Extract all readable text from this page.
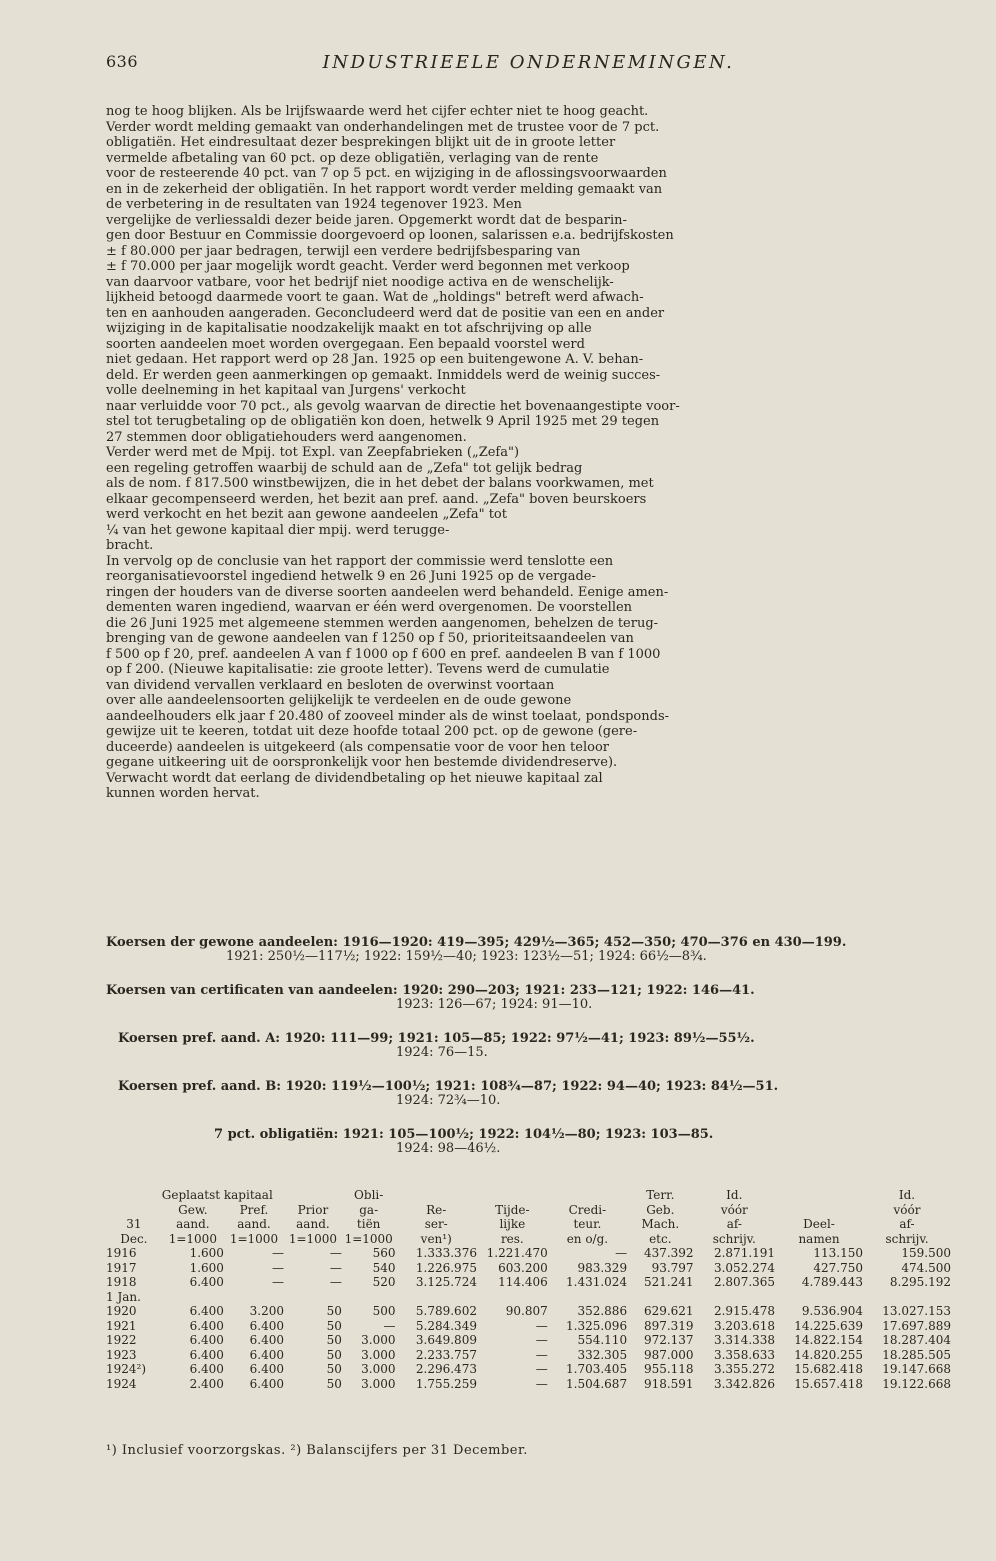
636	INDUSTRIEELE ONDERNEMINGEN.
nog te hoog blijken. Als be lrijfswaarde werd het cijfer echter niet te hoog geacht.
Verder wordt melding gemaakt van onderhandelingen met de trustee voor de 7 pct.
obligatiën. Het eindresultaat dezer besprekingen blijkt uit de in groote letter
vermelde afbetaling van 60 pct. op deze obligatiën, verlaging van de rente
voor de resteerende 40 pct. van 7 op 5 pct. en wijziging in de aflossingsvoorwaarden
en in de zekerheid der obligatiën. In het rapport wordt verder melding gemaakt van
de verbetering in de resultaten van 1924 tegenover 1923. Men
vergelijke de verliessaldi dezer beide jaren. Opgemerkt wordt dat de besparin-
gen door Bestuur en Commissie doorgevoerd op loonen, salarissen e.a. bedrijfskosten
± f 80.000 per jaar bedragen, terwijl een verdere bedrijfsbesparing van
± f 70.000 per jaar mogelijk wordt geacht. Verder werd begonnen met verkoop
van daarvoor vatbare, voor het bedrijf niet noodige activa en de wenschelijk-
lijkheid betoogd daarmede voort te gaan. Wat de „holdings" betreft werd afwach-
ten en aanhouden aangeraden. Geconcludeerd werd dat de positie van een en ander
wijziging in de kapitalisatie noodzakelijk maakt en tot afschrijving op alle
soorten aandeelen moet worden overgegaan. Een bepaald voorstel werd
niet gedaan. Het rapport werd op 28 Jan. 1925 op een buitengewone A. V. behan-
deld. Er werden geen aanmerkingen op gemaakt. Inmiddels werd de weinig succes-
volle deelneming in het kapitaal van Jurgens' verkocht
naar verluidde voor 70 pct., als gevolg waarvan de directie het bovenaangestipte voor-
stel tot terugbetaling op de obligatiën kon doen, hetwelk 9 April 1925 met 29 tegen
27 stemmen door obligatiehouders werd aangenomen.
Verder werd met de Mpij. tot Expl. van Zeepfabrieken („Zefa")
een regeling getroffen waarbij de schuld aan de „Zefa" tot gelijk bedrag
als de nom. f 817.500 winstbewijzen, die in het debet der balans voorkwamen, met
elkaar gecompenseerd werden, het bezit aan pref. aand. „Zefa" boven beurskoers
werd verkocht en het bezit aan gewone aandeelen „Zefa" tot
¼ van het gewone kapitaal dier mpij. werd terugge-
bracht.
In vervolg op de conclusie van het rapport der commissie werd tenslotte een
reorganisatievoorstel ingediend hetwelk 9 en 26 Juni 1925 op de vergade-
ringen der houders van de diverse soorten aandeelen werd behandeld. Eenige amen-
dementen waren ingediend, waarvan er één werd overgenomen. De voorstellen
die 26 Juni 1925 met algemeene stemmen werden aangenomen, behelzen de terug-
brenging van de gewone aandeelen van f 1250 op f 50, prioriteitsaandeelen van
f 500 op f 20, pref. aandeelen A van f 1000 op f 600 en pref. aandeelen B van f 1000
op f 200. (Nieuwe kapitalisatie: zie groote letter). Tevens werd de cumulatie
van dividend vervallen verklaard en besloten de overwinst voortaan
over alle aandeelensoorten gelijkelijk te verdeelen en de oude gewone
aandeelhouders elk jaar f 20.480 of zooveel minder als de winst toelaat, pondsponds-
gewijze uit te keeren, totdat uit deze hoofde totaal 200 pct. op de gewone (gere-
duceerde) aandeelen is uitgekeerd (als compensatie voor de voor hen teloor
gegane uitkeering uit de oorspronkelijk voor hen bestemde dividendreserve).
Verwacht wordt dat eerlang de dividendbetaling op het nieuwe kapitaal zal
kunnen worden hervat.
Koersen der gewone aandeelen: 1916—1920: 419—395; 429½—365; 452—350; 470—376 en 430—199.
1921: 250½—117½; 1922: 159½—40; 1923: 123½—51; 1924: 66½—8¾.
Koersen van certificaten van aandeelen: 1920: 290—203; 1921: 233—121; 1922: 146—41.
1923: 126—67; 1924: 91—10.
Koersen pref. aand. A: 1920: 111—99; 1921: 105—85; 1922: 97½—41; 1923: 89½—55½.
1924: 76—15.
Koersen pref. aand. B: 1920: 119½—100½; 1921: 108¾—87; 1922: 94—40; 1923: 84½—51.
1924: 72¾—10.
7 pct. obligatiën: 1921: 105—100½; 1922: 104½—80; 1923: 103—85.
1924: 98—46½.
	Geplaatst kapitaal			Obli-				Terr.	Id.		Id.
	Gew.	Pref.	Prior	ga-	Re-	Tijde-	Credi-	Geb.	vóór		vóór
31	aand.	aand.	aand.	tiën	ser-	lijke	teur.	Mach.	af-	Deel-	af-
Dec.	1=1000	1=1000	1=1000	1=1000	ven¹)	res.	en o/g.	etc.	schrijv.	namen	schrijv.
1916	1.600	—	—	560	1.333.376	1.221.470	—	437.392	2.871.191	113.150	159.500
1917	1.600	—	—	540	1.226.975	603.200	983.329	93.797	3.052.274	427.750	474.500
1918	6.400	—	—	520	3.125.724	114.406	1.431.024	521.241	2.807.365	4.789.443	8.295.192
1 Jan.											
1920	6.400	3.200	50	500	5.789.602	90.807	352.886	629.621	2.915.478	9.536.904	13.027.153
1921	6.400	6.400	50	—	5.284.349	—	1.325.096	897.319	3.203.618	14.225.639	17.697.889
1922	6.400	6.400	50	3.000	3.649.809	—	554.110	972.137	3.314.338	14.822.154	18.287.404
1923	6.400	6.400	50	3.000	2.233.757	—	332.305	987.000	3.358.633	14.820.255	18.285.505
1924²)	6.400	6.400	50	3.000	2.296.473	—	1.703.405	955.118	3.355.272	15.682.418	19.147.668
1924	2.400	6.400	50	3.000	1.755.259	—	1.504.687	918.591	3.342.826	15.657.418	19.122.668
¹) Inclusief voorzorgskas. ²) Balanscijfers per 31 December.
